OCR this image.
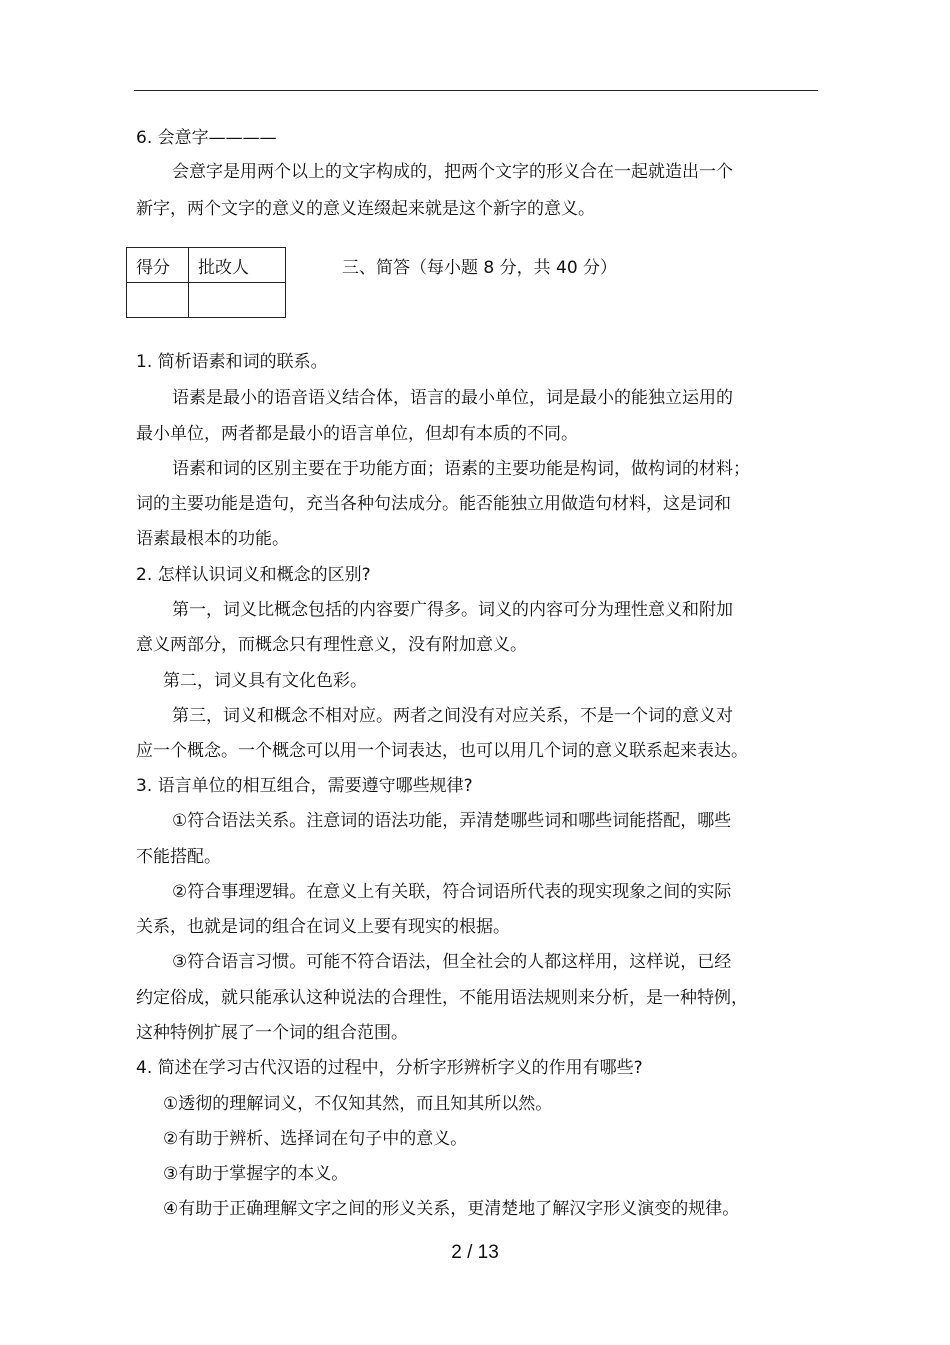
6. 会意字————
会意字是用两个以上的文字构成的，把两个文字的形义合在一起就造出一个
新字，两个文字的意义的意义连缀起来就是这个新字的意义。
得分	批改人
		三、简答（每小题 8 分，共 40 分）
1. 简析语素和词的联系。
语素是最小的语音语义结合体，语言的最小单位，词是最小的能独立运用的
最小单位，两者都是最小的语言单位，但却有本质的不同。
语素和词的区别主要在于功能方面；语素的主要功能是构词，做构词的材料；
词的主要功能是造句，充当各种句法成分。能否能独立用做造句材料，这是词和
语素最根本的功能。
2. 怎样认识词义和概念的区别?
第一，词义比概念包括的内容要广得多。词义的内容可分为理性意义和附加
意义两部分，而概念只有理性意义，没有附加意义。
第二，词义具有文化色彩。
第三，词义和概念不相对应。两者之间没有对应关系，不是一个词的意义对
应一个概念。一个概念可以用一个词表达，也可以用几个词的意义联系起来表达。
3. 语言单位的相互组合，需要遵守哪些规律?
①符合语法关系。注意词的语法功能，弄清楚哪些词和哪些词能搭配，哪些
不能搭配。
②符合事理逻辑。在意义上有关联，符合词语所代表的现实现象之间的实际
关系，也就是词的组合在词义上要有现实的根据。
③符合语言习惯。可能不符合语法，但全社会的人都这样用，这样说，已经
约定俗成，就只能承认这种说法的合理性，不能用语法规则来分析，是一种特例，
这种特例扩展了一个词的组合范围。
4. 简述在学习古代汉语的过程中，分析字形辨析字义的作用有哪些?
①透彻的理解词义，不仅知其然，而且知其所以然。
②有助于辨析、选择词在句子中的意义。
③有助于掌握字的本义。
④有助于正确理解文字之间的形义关系，更清楚地了解汉字形义演变的规律。
2 / 13
